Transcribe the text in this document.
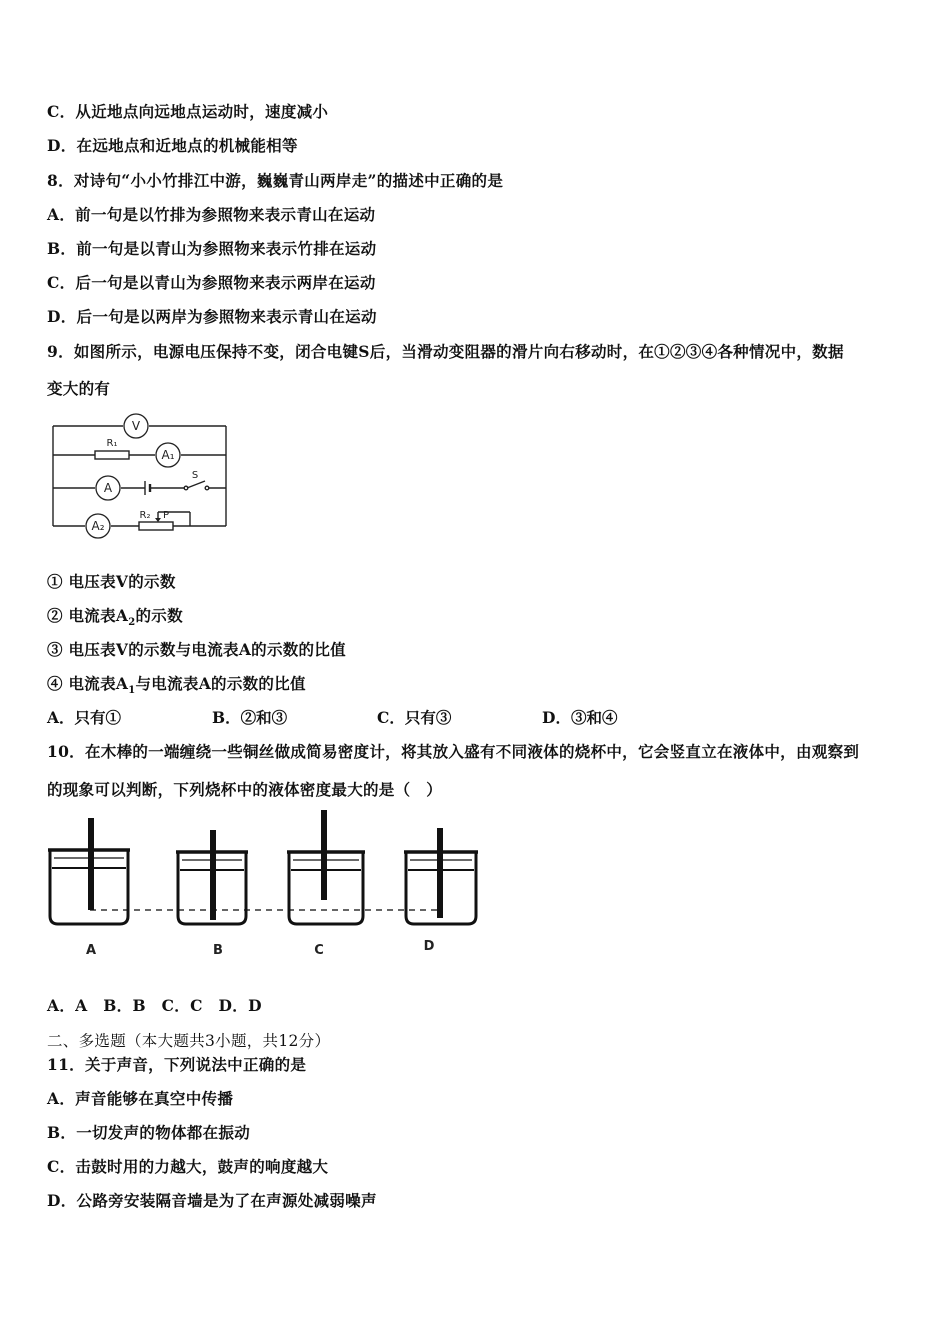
C．从近地点向远地点运动时，速度减小
D．在远地点和近地点的机械能相等
8．对诗句“小小竹排江中游，巍巍青山两岸走”的描述中正确的是
A．前一句是以竹排为参照物来表示青山在运动
B．前一句是以青山为参照物来表示竹排在运动
C．后一句是以青山为参照物来表示两岸在运动
D．后一句是以两岸为参照物来表示青山在运动
9．如图所示，电源电压保持不变，闭合电键S后，当滑动变阻器的滑片向右移动时，在①②③④各种情况中，数据
变大的有
V
A₁
A
A₂
R₁
S
R₂ P
① 电压表V的示数
② 电流表$A_2$的示数
③ 电压表V的示数与电流表A的示数的比值
④ 电流表$A_1$与电流表A的示数的比值
A．只有①	B．②和③	C．只有③	D．③和④
10．在木棒的一端缠绕一些铜丝做成简易密度计，将其放入盛有不同液体的烧杯中，它会竖直立在液体中，由观察到
的现象可以判断，下列烧杯中的液体密度最大的是（　）
A	B	C	D
A．A　B．B　C．C　D．D
二、多选题（本大题共3小题，共12分）
11．关于声音，下列说法中正确的是
A．声音能够在真空中传播
B．一切发声的物体都在振动
C．击鼓时用的力越大，鼓声的响度越大
D．公路旁安装隔音墙是为了在声源处减弱噪声
